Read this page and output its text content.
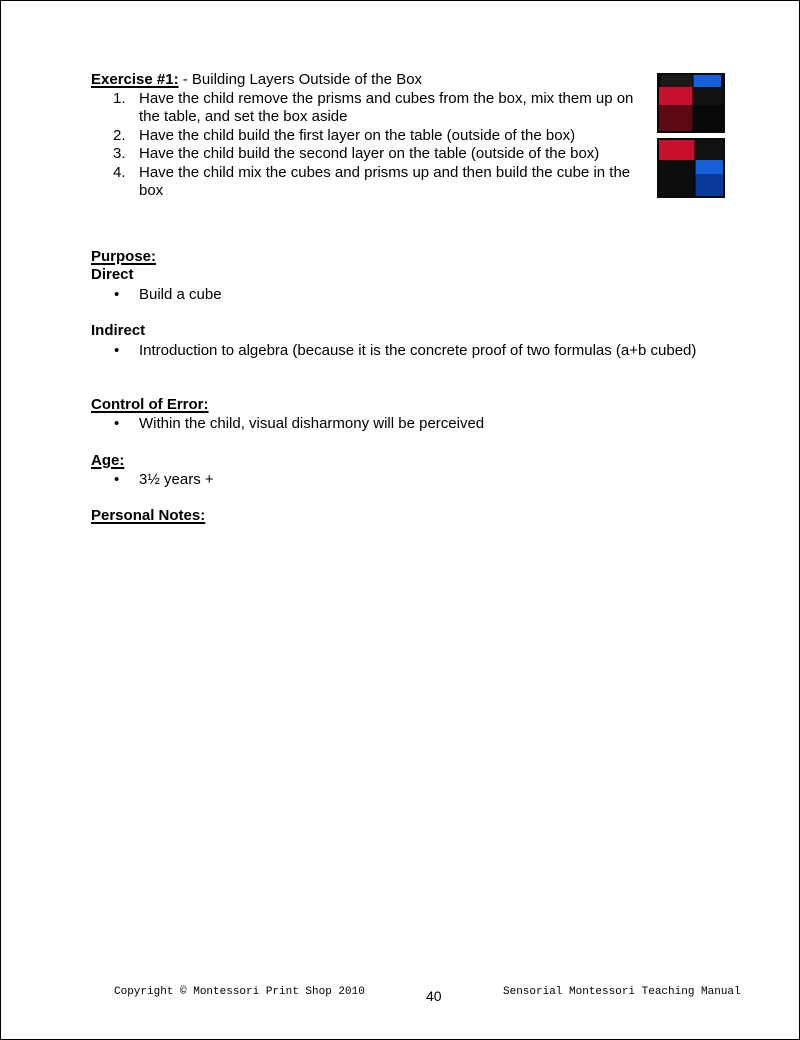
Exercise #1: - Building Layers Outside of the Box
1. Have the child remove the prisms and cubes from the box, mix them up on the table, and set the box aside
2. Have the child build the first layer on the table (outside of the box)
3. Have the child build the second layer on the table (outside of the box)
4. Have the child mix the cubes and prisms up and then build the cube in the box
Purpose:
Direct
• Build a cube
Indirect
• Introduction to algebra (because it is the concrete proof of two formulas (a+b cubed)
Control of Error:
• Within the child, visual disharmony will be perceived
Age:
• 3½ years +
Personal Notes:
Copyright © Montessori Print Shop 2010	40	Sensorial Montessori Teaching Manual
